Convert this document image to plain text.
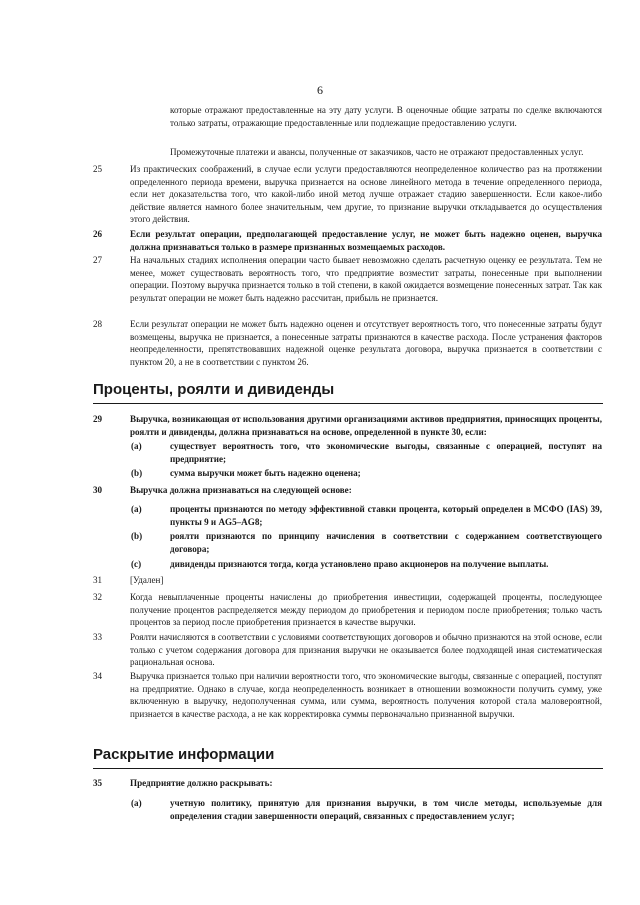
6
которые отражают предоставленные на эту дату услуги. В оценочные общие затраты по сделке включаются только затраты, отражающие предоставленные или подлежащие предоставлению услуги.
Промежуточные платежи и авансы, полученные от заказчиков, часто не отражают предоставленных услуг.
25	Из практических соображений, в случае если услуги предоставляются неопределенное количество раз на протяжении определенного периода времени, выручка признается на основе линейного метода в течение определенного периода, если нет доказательства того, что какой-либо иной метод лучше отражает стадию завершенности. Если какое-либо действие является намного более значительным, чем другие, то признание выручки откладывается до осуществления этого действия.
26	Если результат операции, предполагающей предоставление услуг, не может быть надежно оценен, выручка должна признаваться только в размере признанных возмещаемых расходов.
27	На начальных стадиях исполнения операции часто бывает невозможно сделать расчетную оценку ее результата. Тем не менее, может существовать вероятность того, что предприятие возместит затраты, понесенные при выполнении операции. Поэтому выручка признается только в той степени, в какой ожидается возмещение понесенных затрат. Так как результат операции не может быть надежно рассчитан, прибыль не признается.
28	Если результат операции не может быть надежно оценен и отсутствует вероятность того, что понесенные затраты будут возмещены, выручка не признается, а понесенные затраты признаются в качестве расхода. После устранения факторов неопределенности, препятствовавших надежной оценке результата договора, выручка признается в соответствии с пунктом 20, а не в соответствии с пунктом 26.
Проценты, роялти и дивиденды
29	Выручка, возникающая от использования другими организациями активов предприятия, приносящих проценты, роялти и дивиденды, должна признаваться на основе, определенной в пункте 30, если:
(a)	существует вероятность того, что экономические выгоды, связанные с операцией, поступят на предприятие;
(b)	сумма выручки может быть надежно оценена;
30	Выручка должна признаваться на следующей основе:
(a)	проценты признаются по методу эффективной ставки процента, который определен в МСФО (IAS) 39, пункты 9 и AG5–AG8;
(b)	роялти признаются по принципу начисления в соответствии с содержанием соответствующего договора;
(c)	дивиденды признаются тогда, когда установлено право акционеров на получение выплаты.
31	[Удален]
32	Когда невыплаченные проценты начислены до приобретения инвестиции, содержащей проценты, последующее получение процентов распределяется между периодом до приобретения и периодом после приобретения; только часть процентов за период после приобретения признается в качестве выручки.
33	Роялти начисляются в соответствии с условиями соответствующих договоров и обычно признаются на этой основе, если только с учетом содержания договора для признания выручки не оказывается более подходящей иная систематическая рациональная основа.
34	Выручка признается только при наличии вероятности того, что экономические выгоды, связанные с операцией, поступят на предприятие. Однако в случае, когда неопределенность возникает в отношении возможности получить сумму, уже включенную в выручку, недополученная сумма, или сумма, вероятность получения которой стала маловероятной, признается в качестве расхода, а не как корректировка суммы первоначально признанной выручки.
Раскрытие информации
35	Предприятие должно раскрывать:
(a)	учетную политику, принятую для признания выручки, в том числе методы, используемые для определения стадии завершенности операций, связанных с предоставлением услуг;
